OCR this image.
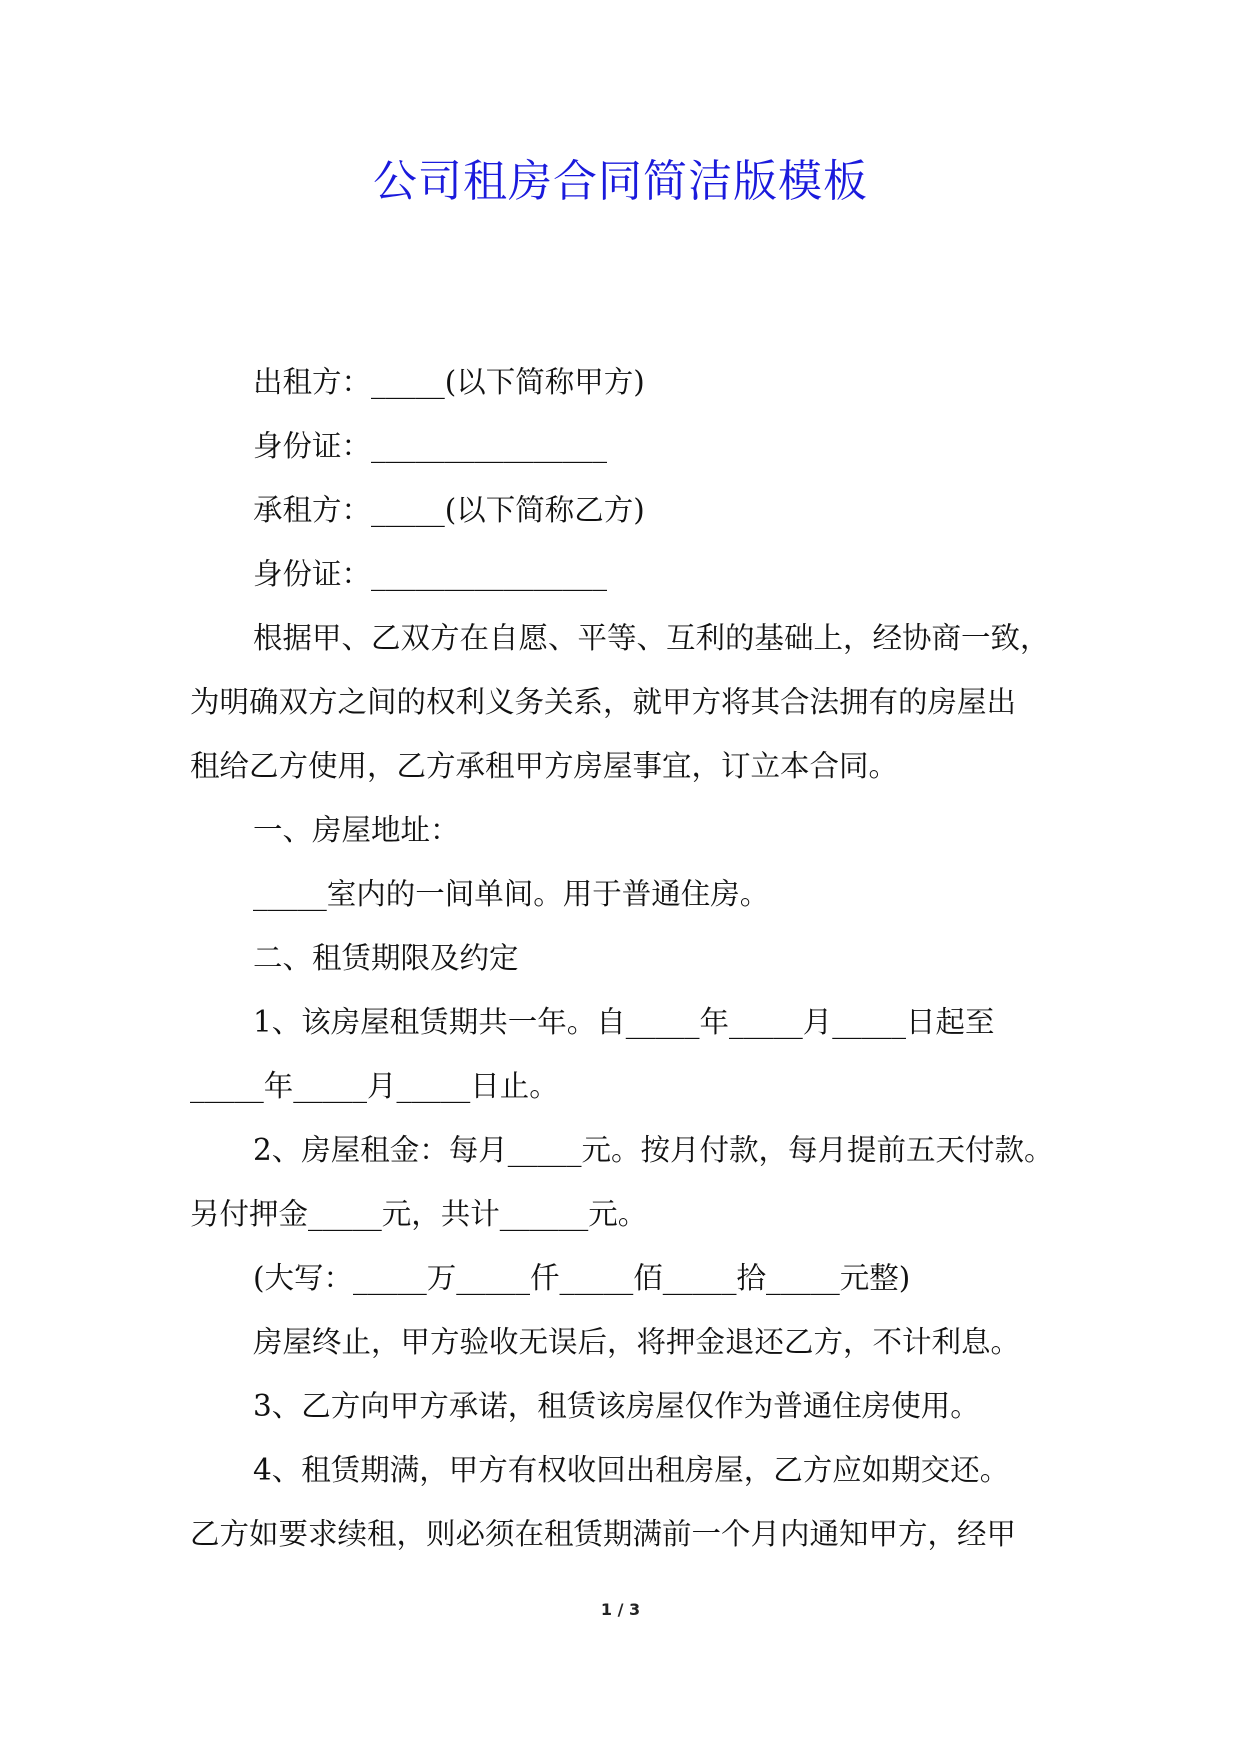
公司租房合同简洁版模板

出租方：_____(以下简称甲方)

身份证：________________

承租方：_____(以下简称乙方)

身份证：________________

根据甲、乙双方在自愿、平等、互利的基础上，经协商一致，

为明确双方之间的权利义务关系，就甲方将其合法拥有的房屋出

租给乙方使用，乙方承租甲方房屋事宜，订立本合同。

一、房屋地址：

_____室内的一间单间。用于普通住房。

二、租赁期限及约定

1、该房屋租赁期共一年。自_____年_____月_____日起至

_____年_____月_____日止。

2、房屋租金：每月_____元。按月付款，每月提前五天付款。

另付押金_____元，共计______元。

(大写：_____万_____仟_____佰_____拾_____元整)

房屋终止，甲方验收无误后，将押金退还乙方，不计利息。

3、乙方向甲方承诺，租赁该房屋仅作为普通住房使用。

4、租赁期满，甲方有权收回出租房屋，乙方应如期交还。

乙方如要求续租，则必须在租赁期满前一个月内通知甲方，经甲

1 / 3
